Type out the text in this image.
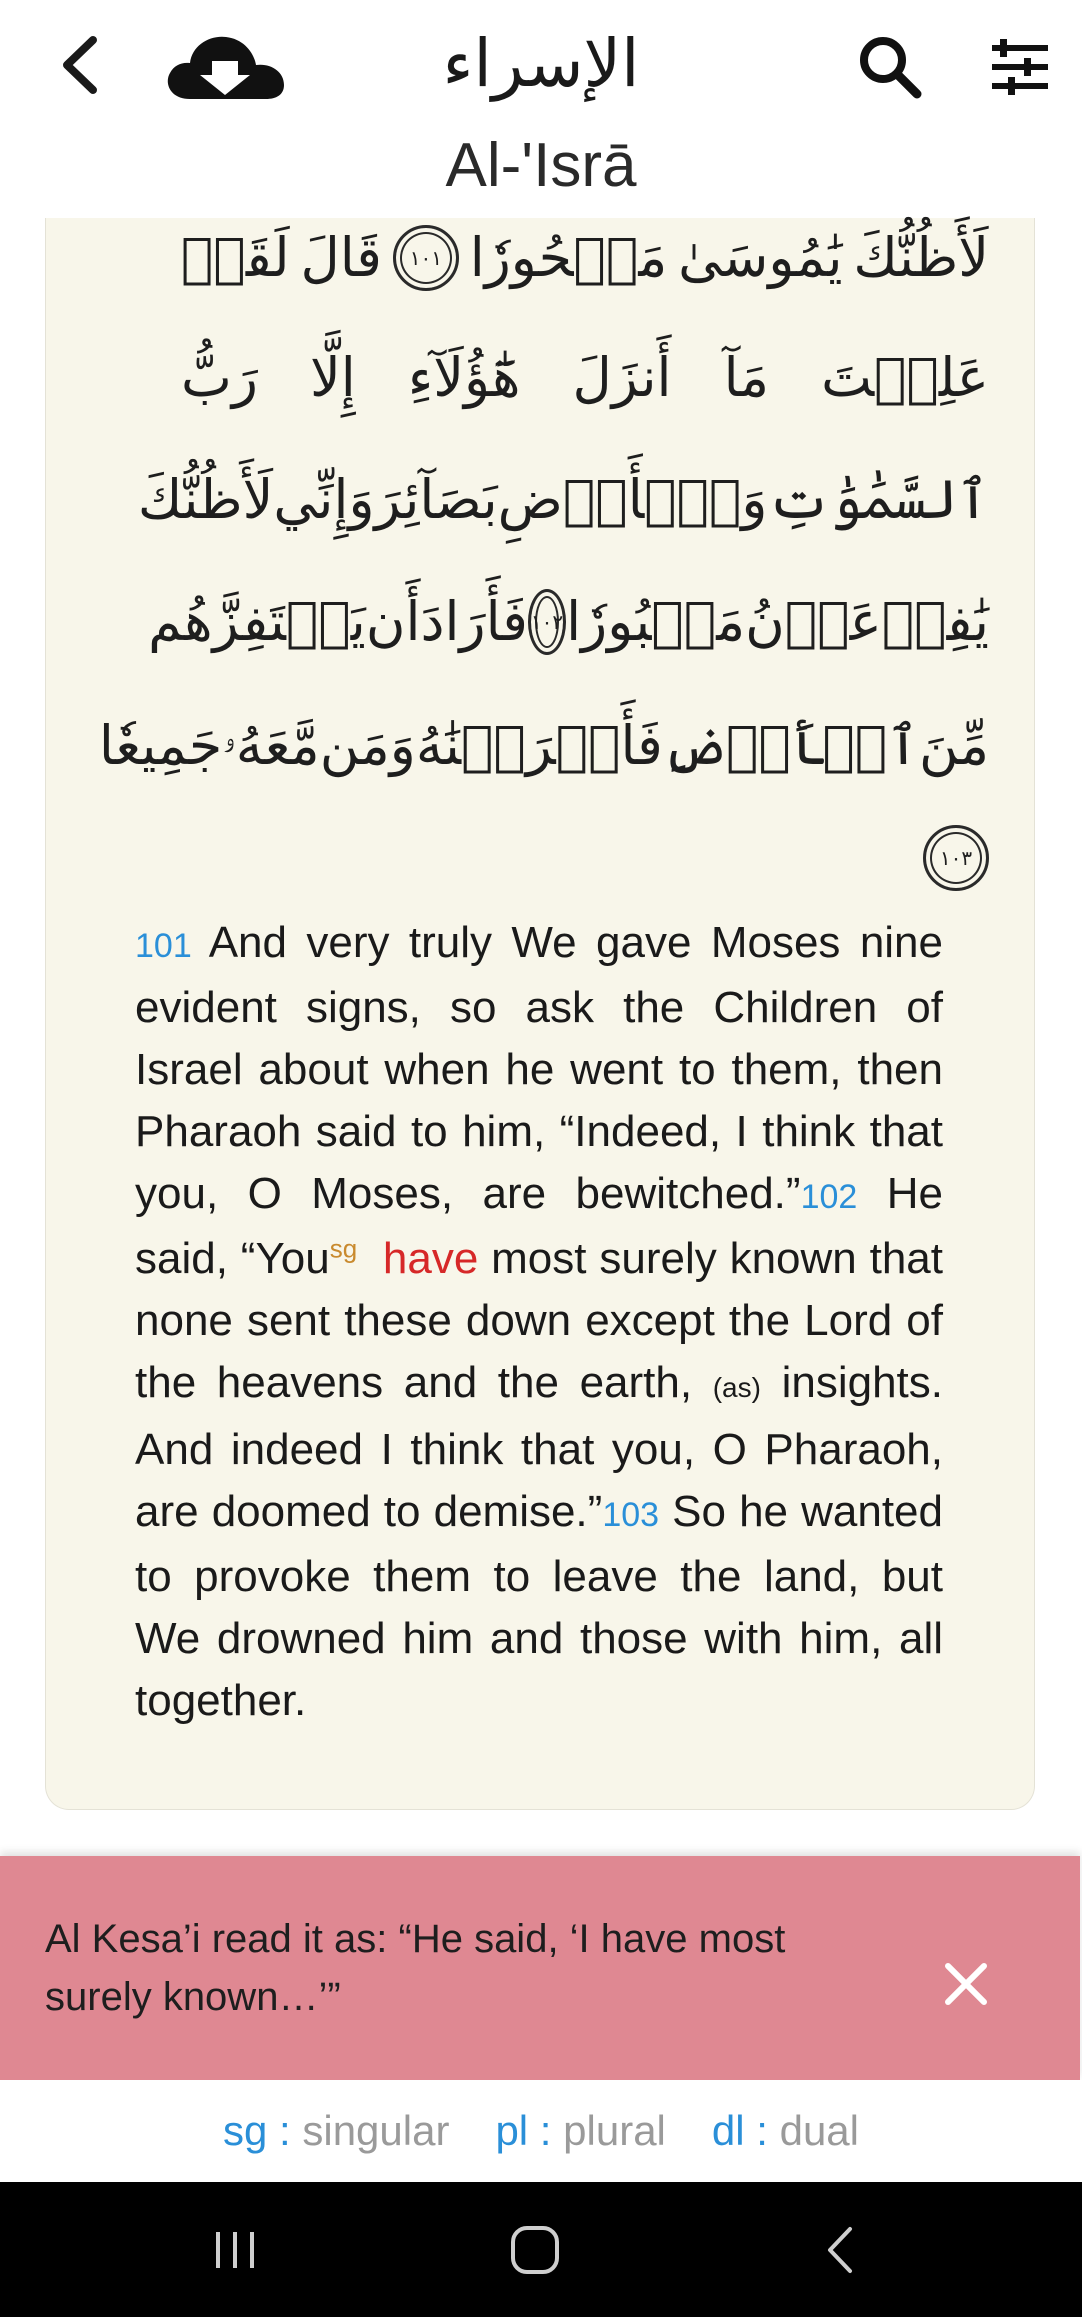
الإسراء
Al-'Isrā
لَأَظُنُّكَ
يَٰمُوسَىٰ
مَسۡحُورٗا
١٠١
قَالَ
لَقَدۡ
عَلِمۡتَ
مَآ
أَنزَلَ
هَٰٓؤُلَآءِ
إِلَّا
رَبُّ
ٱلسَّمَٰوَٰتِ
وَٱلۡأَرۡضِ
بَصَآئِرَ
وَإِنِّي
لَأَظُنُّكَ
يَٰفِرۡعَوۡنُ
مَثۡبُورٗا
١٠٢
فَأَرَادَ
أَن
يَسۡتَفِزَّهُم
مِّنَ
ٱلۡأَرۡضِ
فَأَغۡرَقۡنَٰهُ
وَمَن
مَّعَهُۥ
جَمِيعٗا
١٠٣
101 And very truly We gave Moses nine evident signs, so ask the Children of Israel about when he went to them, then Pharaoh said to him, “Indeed, I think that you, O Moses, are bewitched.”102 He said, “You$^{sg}$ have most surely known that none sent these down except the Lord of the heavens and the earth, (as) insights. And indeed I think that you, O Pharaoh, are doomed to demise.”103 So he wanted to provoke them to leave the land, but We drowned him and those with him, all together.
Al Kesa’i read it as: “He said, ‘I have most surely known…’”
sg : singular pl : plural dl : dual
